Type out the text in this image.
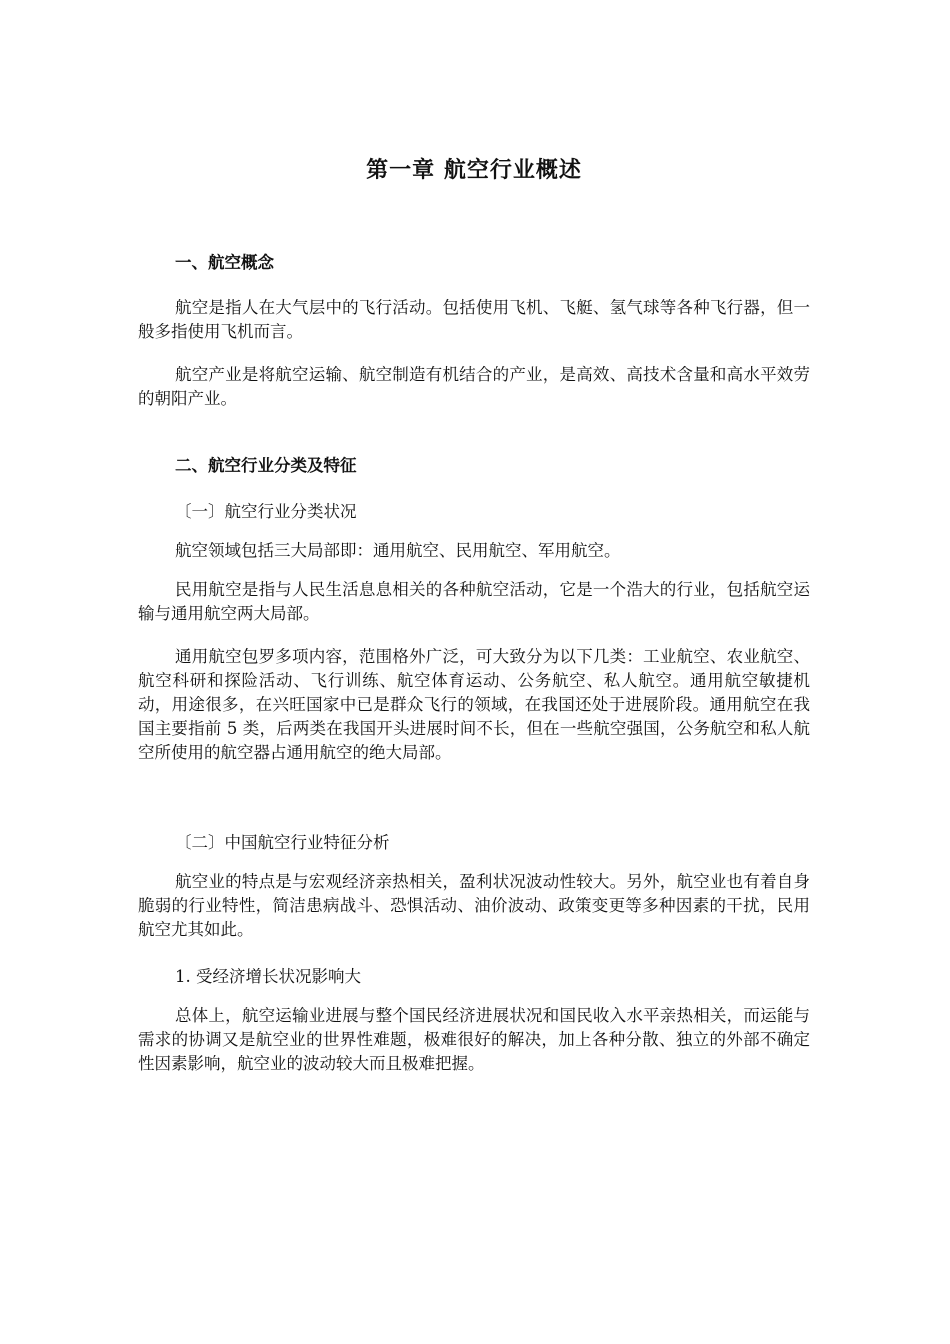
第一章 航空行业概述
一、航空概念

航空是指人在大气层中的飞行活动。包括使用飞机、飞艇、氢气球等各种飞行器，但一般多指使用飞机而言。

航空产业是将航空运输、航空制造有机结合的产业，是高效、高技术含量和高水平效劳的朝阳产业。

二、航空行业分类及特征
〔一〕航空行业分类状况

航空领域包括三大局部即：通用航空、民用航空、军用航空。

民用航空是指与人民生活息息相关的各种航空活动，它是一个浩大的行业，包括航空运输与通用航空两大局部。

通用航空包罗多项内容，范围格外广泛，可大致分为以下几类：工业航空、农业航空、航空科研和探险活动、飞行训练、航空体育运动、公务航空、私人航空。通用航空敏捷机动，用途很多，在兴旺国家中已是群众飞行的领域，在我国还处于进展阶段。通用航空在我国主要指前 5 类，后两类在我国开头进展时间不长，但在一些航空强国，公务航空和私人航空所使用的航空器占通用航空的绝大局部。

〔二〕中国航空行业特征分析

航空业的特点是与宏观经济亲热相关，盈利状况波动性较大。另外，航空业也有着自身脆弱的行业特性，简洁患病战斗、恐惧活动、油价波动、政策变更等多种因素的干扰，民用航空尤其如此。

1. 受经济增长状况影响大

总体上，航空运输业进展与整个国民经济进展状况和国民收入水平亲热相关，而运能与需求的协调又是航空业的世界性难题，极难很好的解决，加上各种分散、独立的外部不确定性因素影响，航空业的波动较大而且极难把握。
